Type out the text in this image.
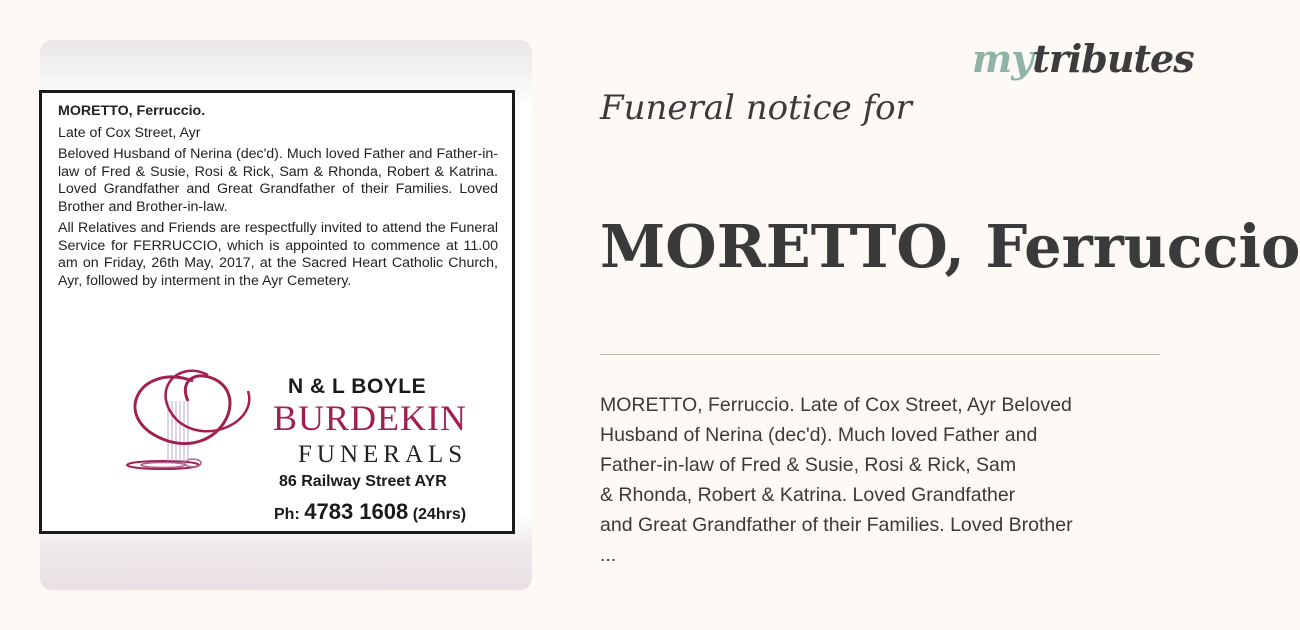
MORETTO, Ferruccio.

Late of Cox Street, Ayr

Beloved Husband of Nerina (dec'd). Much loved Father and Father-in-law of Fred & Susie, Rosi & Rick, Sam & Rhonda, Robert & Katrina. Loved Grandfather and Great Grandfather of their Families. Loved Brother and Brother-in-law.

All Relatives and Friends are respectfully invited to attend the Funeral Service for FERRUCCIO, which is appointed to commence at 11.00 am on Friday, 26th May, 2017, at the Sacred Heart Catholic Church, Ayr, followed by interment in the Ayr Cemetery.

N & L BOYLE
BURDEKIN
FUNERALS
86 Railway Street AYR
Ph: 4783 1608 (24hrs)
mytributes
Funeral notice for
MORETTO, Ferruccio
MORETTO, Ferruccio. Late of Cox Street, Ayr Beloved
Husband of Nerina (dec'd). Much loved Father and
Father-in-law of Fred & Susie, Rosi & Rick, Sam
& Rhonda, Robert & Katrina. Loved Grandfather
and Great Grandfather of their Families. Loved Brother
...
